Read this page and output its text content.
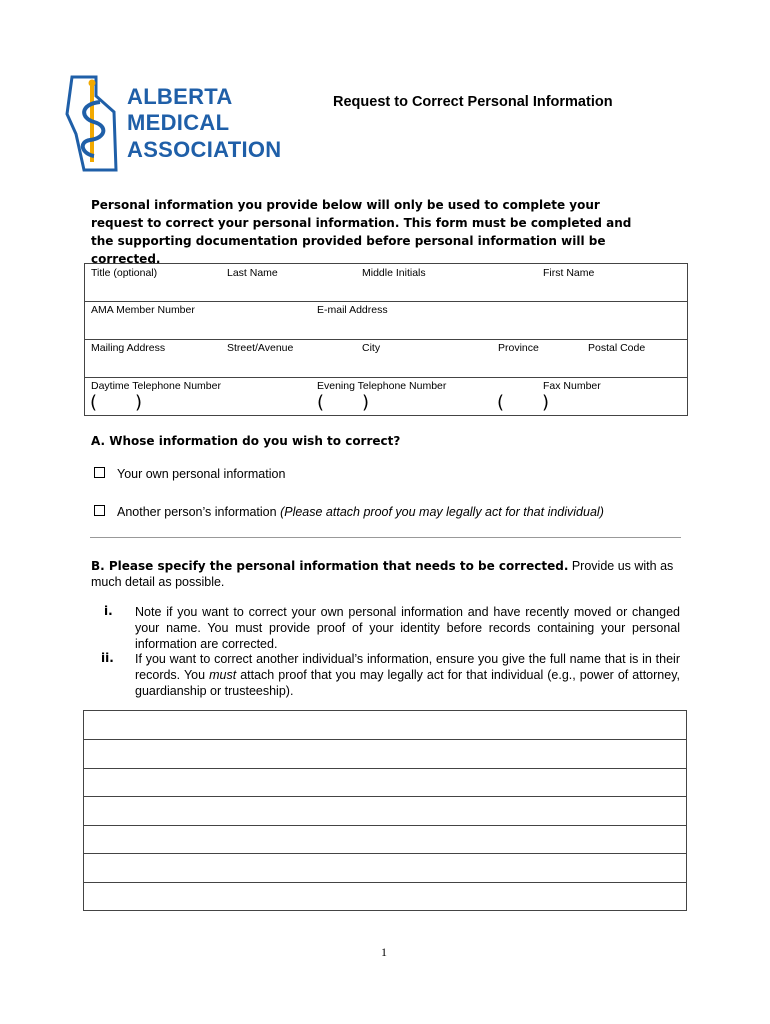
ALBERTA
MEDICAL
ASSOCIATION
Request to Correct Personal Information
Personal information you provide below will only be used to complete your request to correct your personal information. This form must be completed and the supporting documentation provided before personal information will be corrected.
Title (optional)	Last Name	Middle Initials	First Name
AMA Member Number	E-mail Address
Mailing Address	Street/Avenue	City	Province	Postal Code
Daytime Telephone Number	Evening Telephone Number	Fax Number
( )	( )	( )
A. Whose information do you wish to correct?
Your own personal information
Another person’s information (Please attach proof you may legally act for that individual)
B. Please specify the personal information that needs to be corrected. Provide us with as much detail as possible.
i. Note if you want to correct your own personal information and have recently moved or changed your name. You must provide proof of your identity before records containing your personal information are corrected.
ii. If you want to correct another individual’s information, ensure you give the full name that is in their records. You must attach proof that you may legally act for that individual (e.g., power of attorney, guardianship or trusteeship).
1
